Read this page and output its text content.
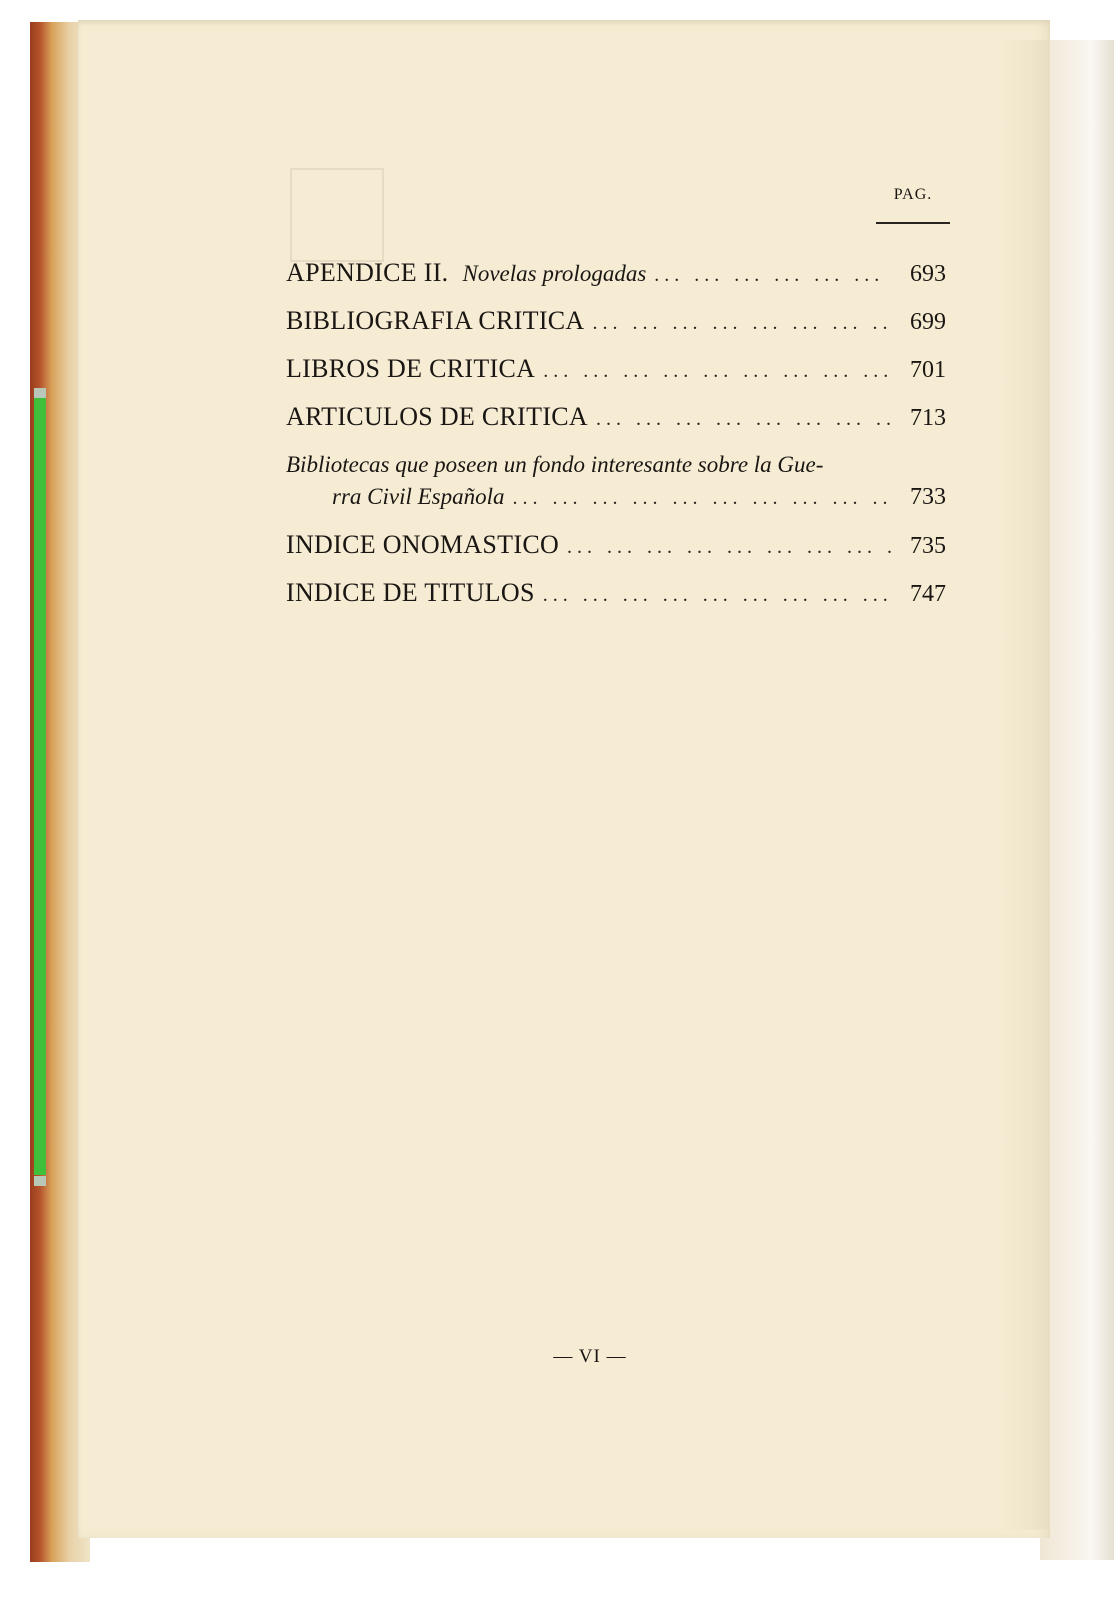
PAG.
APENDICE II. Novelas prologadas ... .	693
BIBLIOGRAFIA CRITICA ... .	699
LIBROS DE CRITICA ... .	701
ARTICULOS DE CRITICA ... .	713
Bibliotecas que poseen un fondo interesante sobre la Gue-
rra Civil Española ... .	733
INDICE ONOMASTICO ... .	735
INDICE DE TITULOS ... .	747
— VI —
